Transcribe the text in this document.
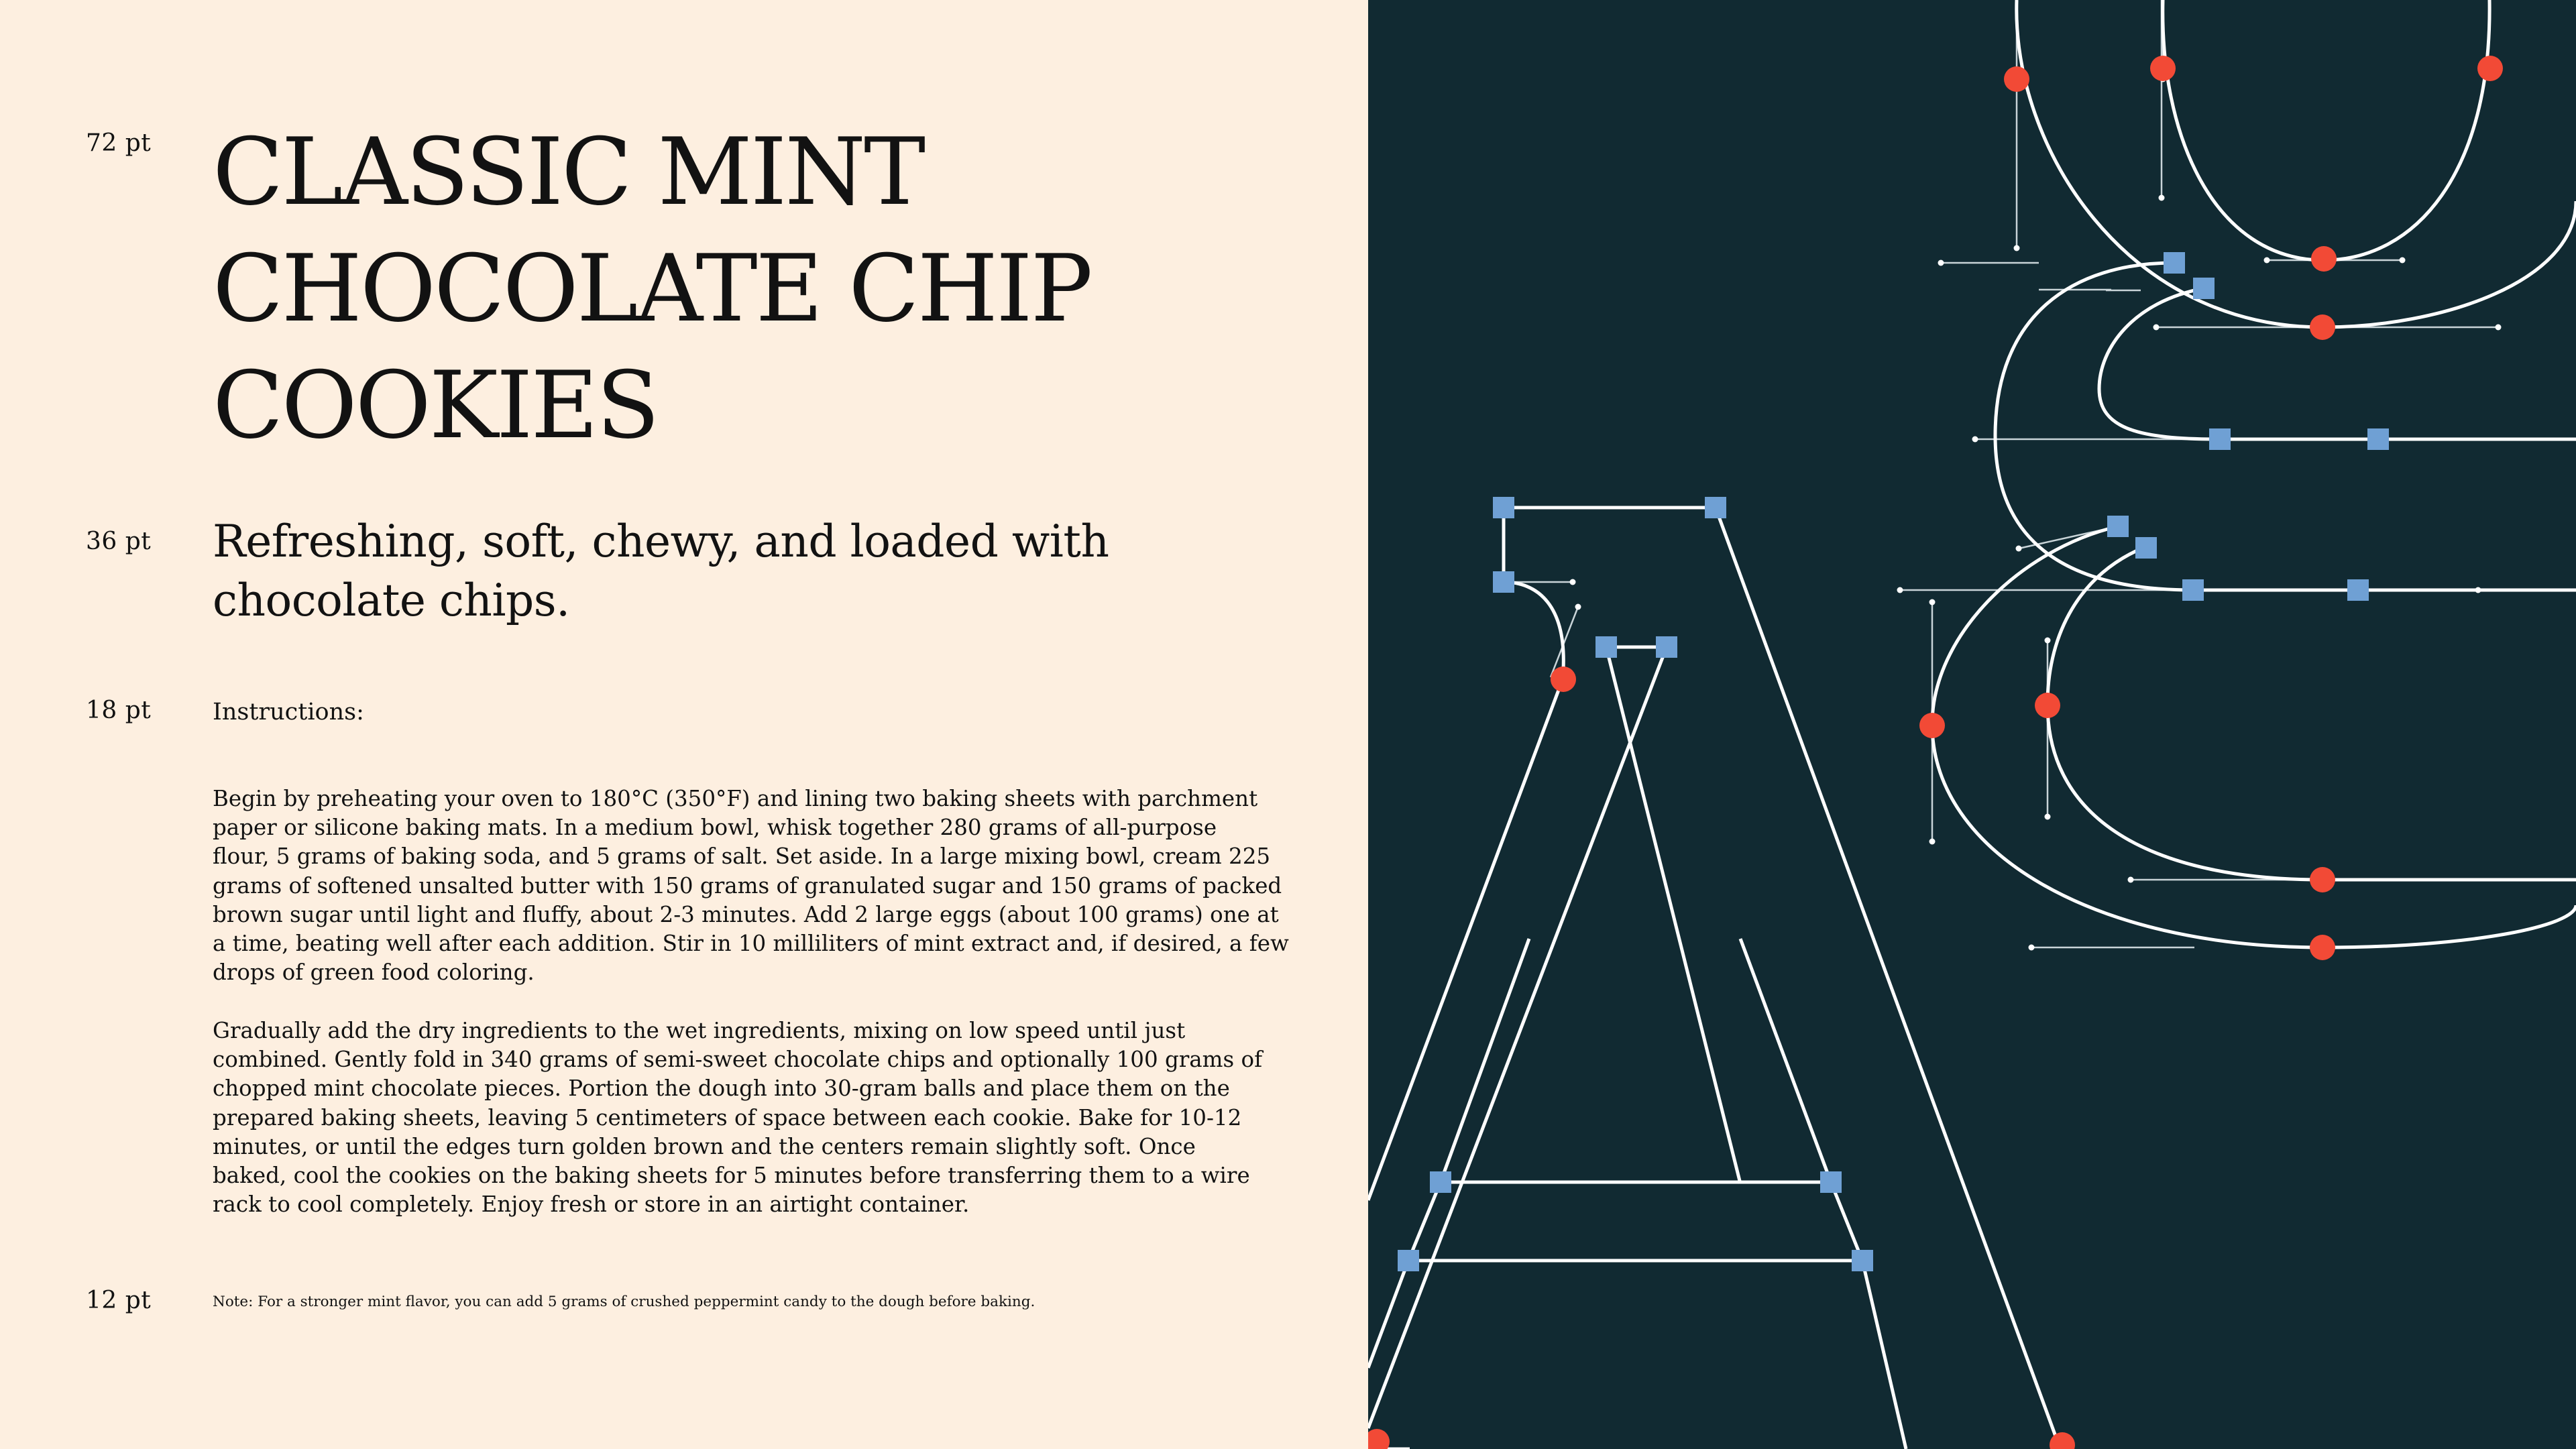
72 pt CLASSIC MINT
CHOCOLATE CHIP
COOKIES
36 pt Refreshing, soft, chewy, and loaded with
chocolate chips.
18 pt	Instructions:

Begin by preheating your oven to 180°C (350°F) and lining two baking sheets with parchment
paper or silicone baking mats. In a medium bowl, whisk together 280 grams of all-purpose
flour, 5 grams of baking soda, and 5 grams of salt. Set aside. In a large mixing bowl, cream 225
grams of softened unsalted butter with 150 grams of granulated sugar and 150 grams of packed
brown sugar until light and fluffy, about 2-3 minutes. Add 2 large eggs (about 100 grams) one at
a time, beating well after each addition. Stir in 10 milliliters of mint extract and, if desired, a few
drops of green food coloring.

Gradually add the dry ingredients to the wet ingredients, mixing on low speed until just
combined. Gently fold in 340 grams of semi-sweet chocolate chips and optionally 100 grams of
chopped mint chocolate pieces. Portion the dough into 30-gram balls and place them on the
prepared baking sheets, leaving 5 centimeters of space between each cookie. Bake for 10-12
minutes, or until the edges turn golden brown and the centers remain slightly soft. Once
baked, cool the cookies on the baking sheets for 5 minutes before transferring them to a wire
rack to cool completely. Enjoy fresh or store in an airtight container.

12 pt	Note: For a stronger mint flavor, you can add 5 grams of crushed peppermint candy to the dough before baking.
